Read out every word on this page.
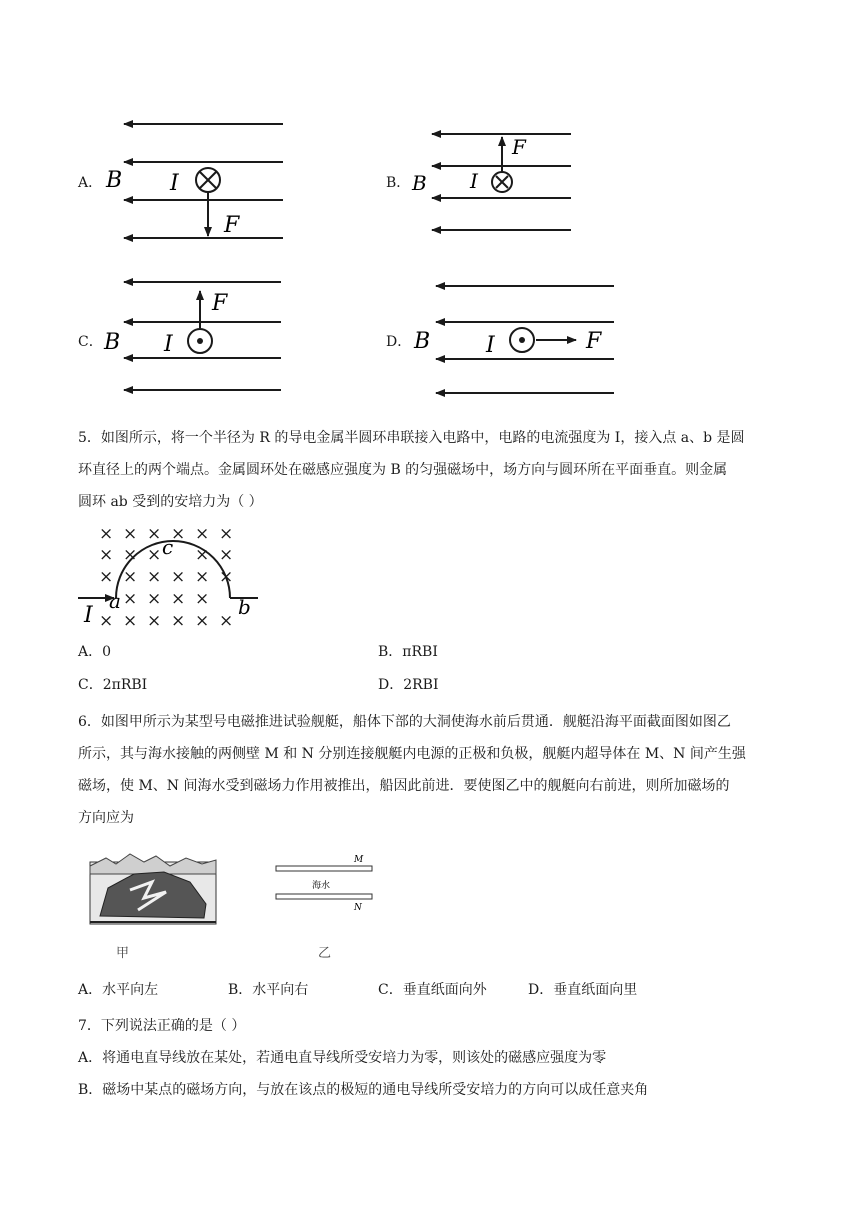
A． B I
F
B． B I
F
C． B I
F
D． B	I	F
5．如图所示，将一个半径为 R 的导电金属半圆环串联接入电路中，电路的电流强度为 I，接入点 a、b 是圆
环直径上的两个端点。金属圆环处在磁感应强度为 B 的匀强磁场中，场方向与圆环所在平面垂直。则金属
圆环 ab 受到的安培力为（ ）
× × × × × ×
× × × × ×
× × × × × ×
× × × ×
× × × × × ×
I
a	b
c
A．0	B．πRBI
C．2πRBI	D．2RBI
6．如图甲所示为某型号电磁推进试验舰艇，船体下部的大洞使海水前后贯通．舰艇沿海平面截面图如图乙
所示，其与海水接触的两侧壁 M 和 N 分别连接舰艇内电源的正极和负极，舰艇内超导体在 M、N 间产生强
磁场，使 M、N 间海水受到磁场力作用被推出，船因此前进．要使图乙中的舰艇向右前进，则所加磁场的
方向应为
甲
M
N
海水
乙
A．水平向左	B．水平向右	C．垂直纸面向外	D．垂直纸面向里
7．下列说法正确的是（ ）
A．将通电直导线放在某处，若通电直导线所受安培力为零，则该处的磁感应强度为零
B．磁场中某点的磁场方向，与放在该点的极短的通电导线所受安培力的方向可以成任意夹角
